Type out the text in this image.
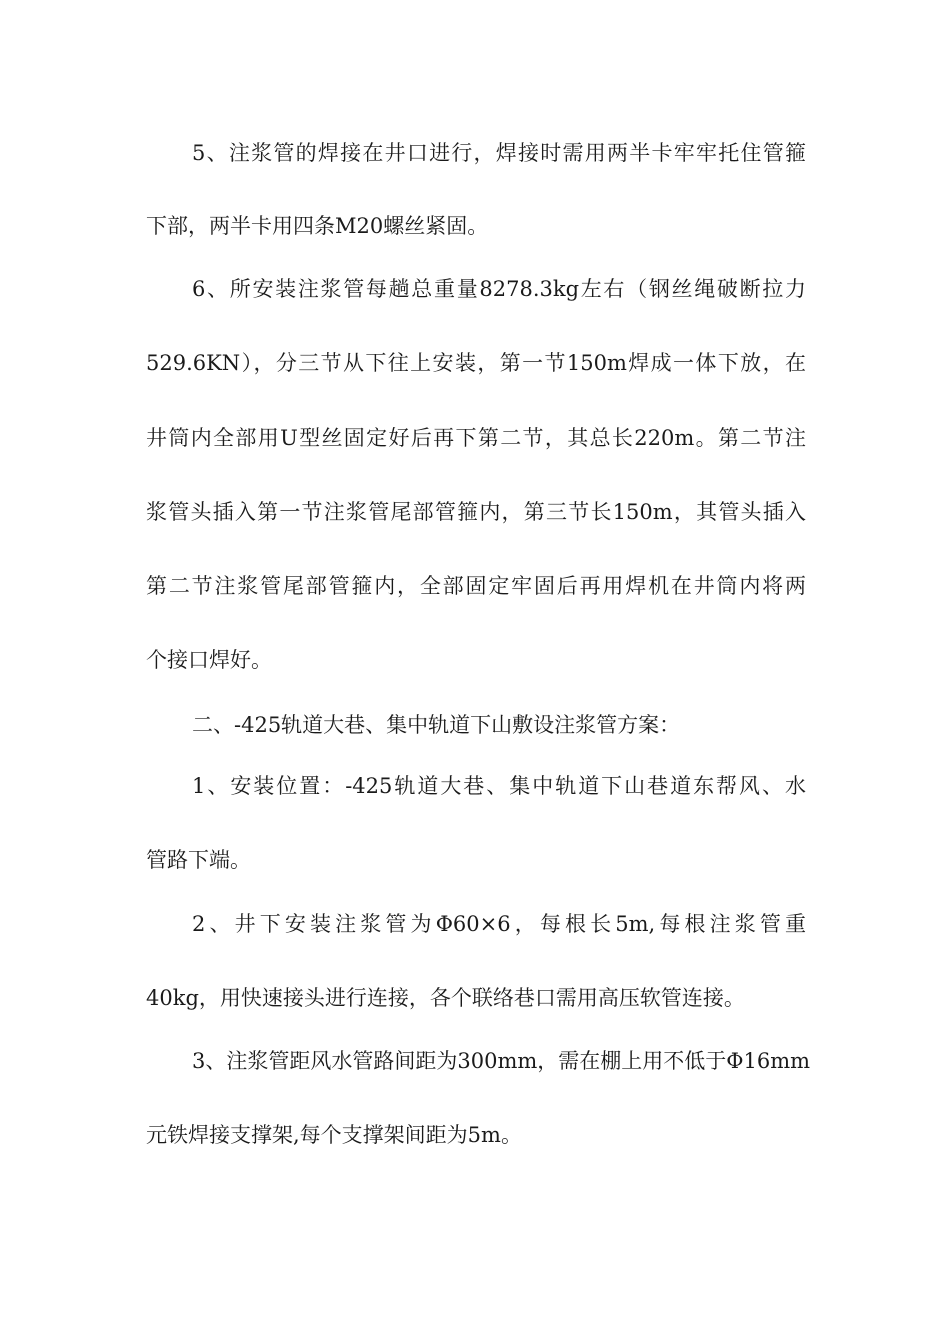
5、注浆管的焊接在井口进行，焊接时需用两半卡牢牢托住管箍

下部，两半卡用四条M20螺丝紧固。

6、所安装注浆管每趟总重量8278.3kg左右（钢丝绳破断拉力

529.6KN），分三节从下往上安装，第一节150m焊成一体下放，在

井筒内全部用U型丝固定好后再下第二节，其总长220m。第二节注

浆管头插入第一节注浆管尾部管箍内，第三节长150m，其管头插入

第二节注浆管尾部管箍内，全部固定牢固后再用焊机在井筒内将两

个接口焊好。

二、-425轨道大巷、集中轨道下山敷设注浆管方案：

1、安装位置：-425轨道大巷、集中轨道下山巷道东帮风、水

管路下端。

2、井下安装注浆管为Φ60×6，每根长5m,每根注浆管重

40kg，用快速接头进行连接，各个联络巷口需用高压软管连接。

3、注浆管距风水管路间距为300mm，需在棚上用不低于Φ16mm

元铁焊接支撑架,每个支撑架间距为5m。
